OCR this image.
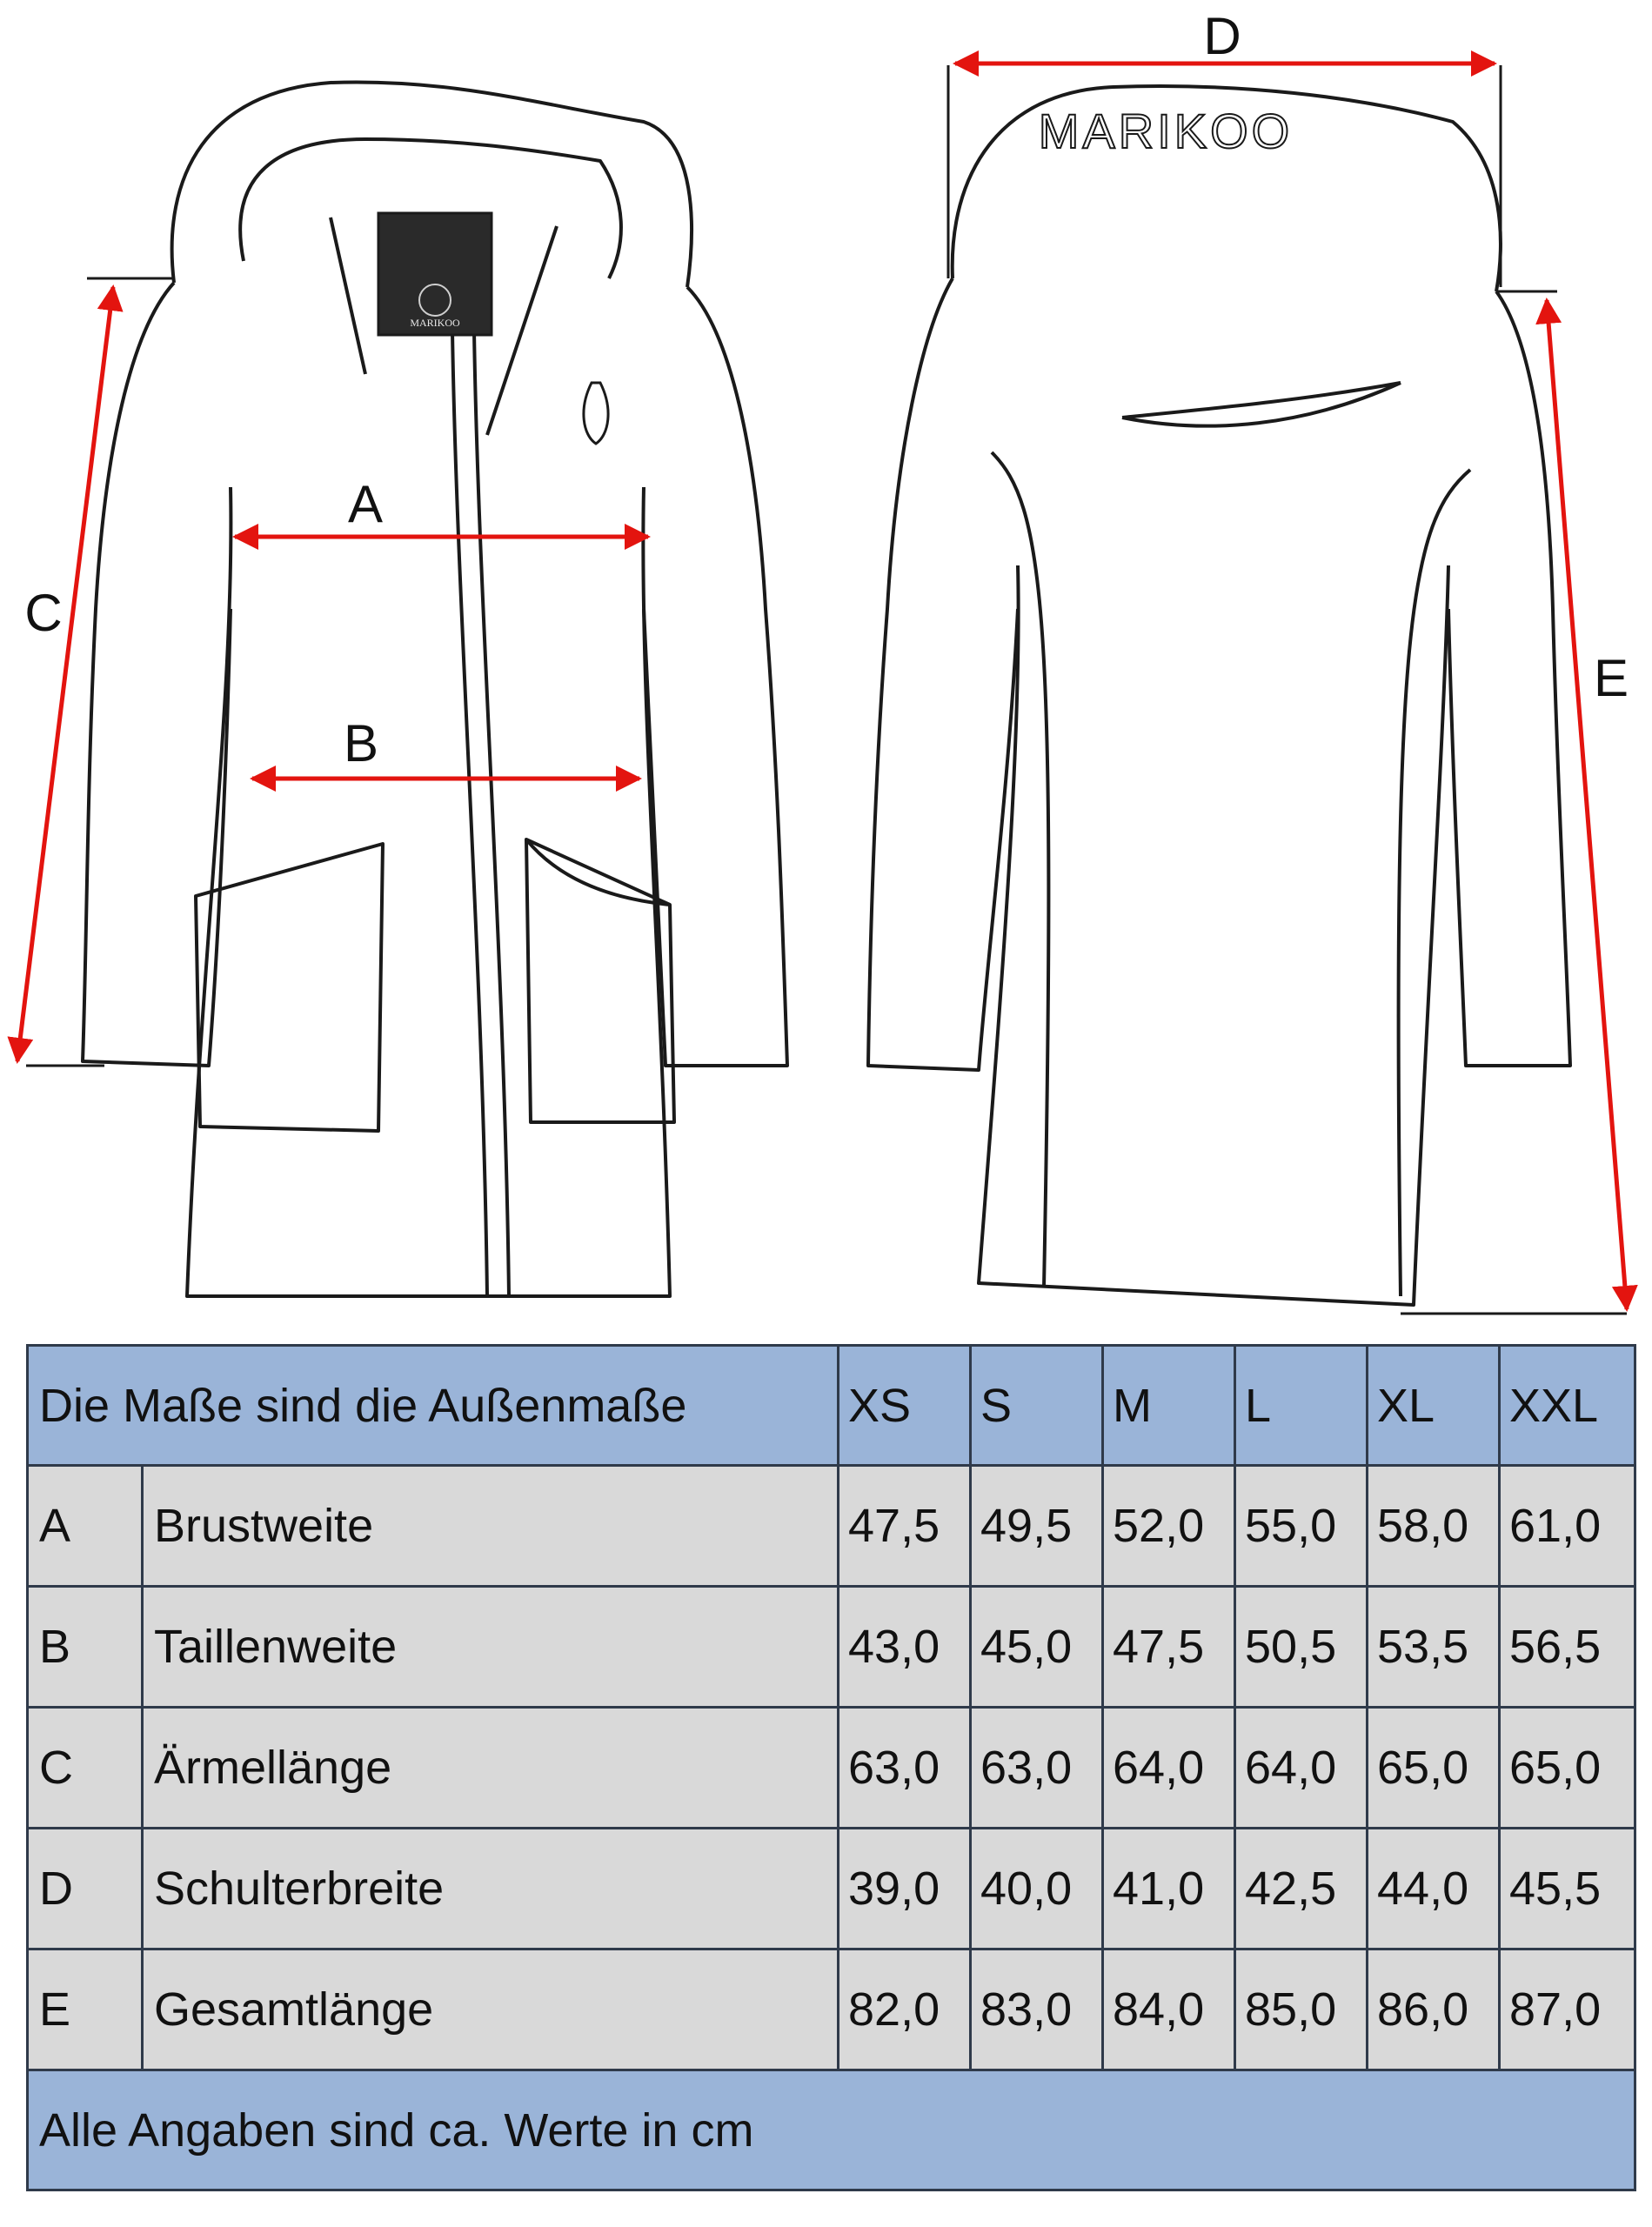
MARIKOO
MARIKOO
A
B
C
D
E
Die Maße sind die Außenmaße		XS	S	M	L	XL	XXL
A	Brustweite	47,5	49,5	52,0	55,0	58,0	61,0
B	Taillenweite	43,0	45,0	47,5	50,5	53,5	56,5
C	Ärmellänge	63,0	63,0	64,0	64,0	65,0	65,0
D	Schulterbreite	39,0	40,0	41,0	42,5	44,0	45,5
E	Gesamtlänge	82,0	83,0	84,0	85,0	86,0	87,0
Alle Angaben sind ca. Werte in cm							
